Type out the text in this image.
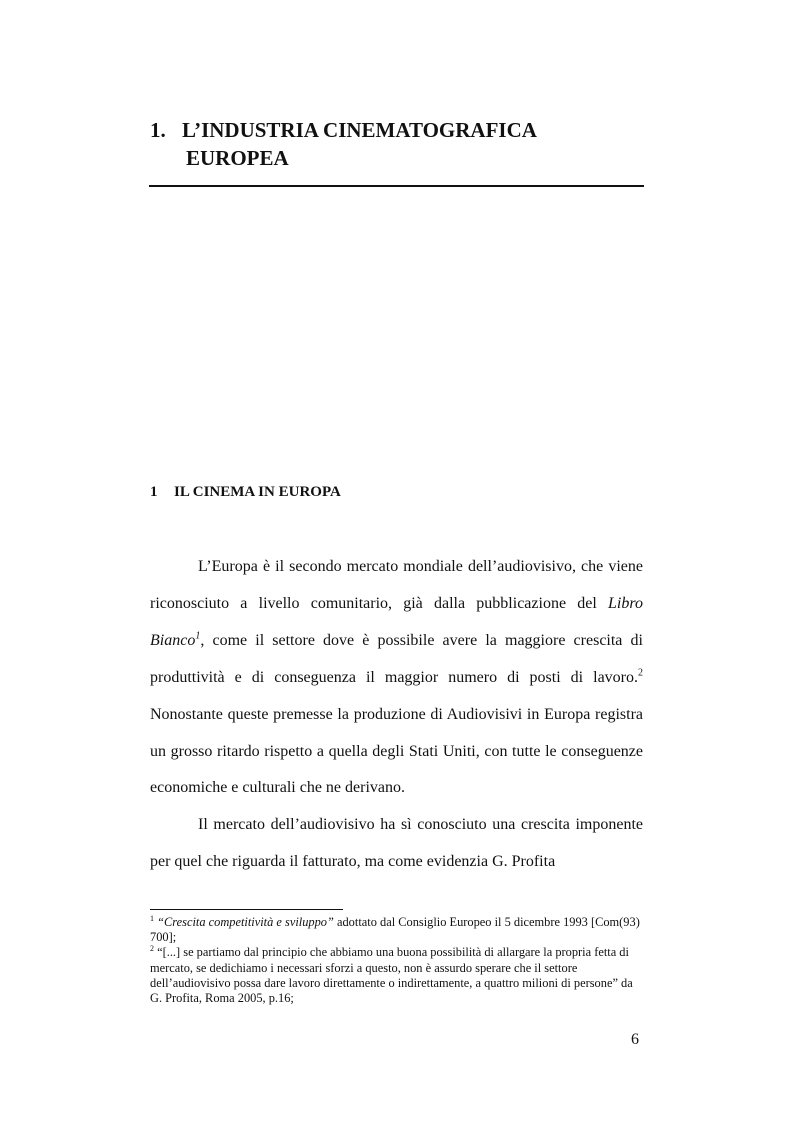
1. L’INDUSTRIA CINEMATOGRAFICA
EUROPEA
1 IL CINEMA IN EUROPA

L’Europa è il secondo mercato mondiale dell’audiovisivo, che viene riconosciuto a livello comunitario, già dalla pubblicazione del Libro Bianco$^1$, come il settore dove è possibile avere la maggiore crescita di produttività e di conseguenza il maggior numero di posti di lavoro.$^2$ Nonostante queste premesse la produzione di Audiovisivi in Europa registra un grosso ritardo rispetto a quella degli Stati Uniti, con tutte le conseguenze economiche e culturali che ne derivano.

Il mercato dell’audiovisivo ha sì conosciuto una crescita imponente per quel che riguarda il fatturato, ma come evidenzia G. Profita

$^1$ “Crescita competitività e sviluppo” adottato dal Consiglio Europeo il 5 dicembre 1993 [Com(93) 700];

$^2$ “[...] se partiamo dal principio che abbiamo una buona possibilità di allargare la propria fetta di mercato, se dedichiamo i necessari sforzi a questo, non è assurdo sperare che il settore dell’audiovisivo possa dare lavoro direttamente o indirettamente, a quattro milioni di persone” da G. Profita, Roma 2005, p.16;

6
